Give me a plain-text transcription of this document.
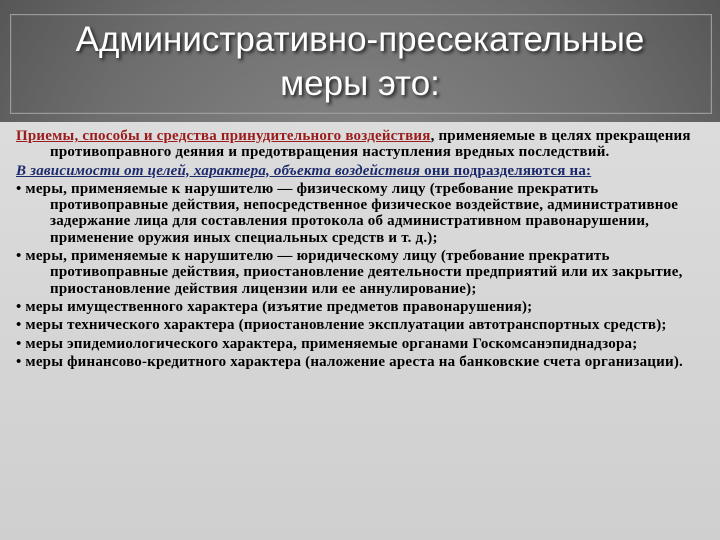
Административно-пресекательные
меры это:

Приемы, способы и средства принудительного воздействия, применяемые в целях прекращения противоправного деяния и предотвращения наступления вредных последствий.

В зависимости от целей, характера, объекта воздействия они подразделяются на:

• меры, применяемые к нарушителю — физическому лицу (требование прекратить противоправные действия, непосредственное физическое воздействие, административное задержание лица для составления протокола об административном правонарушении, применение оружия иных специальных средств и т. д.);

• меры, применяемые к нарушителю — юридическому лицу (требование прекратить противоправные действия, приостановление деятельности предприятий или их закрытие, приостановление действия лицензии или ее аннулирование);

• меры имущественного характера (изъятие предметов правонарушения);

• меры технического характера (приостановление эксплуатации автотранспортных средств);

• меры эпидемиологического характера, применяемые органами Госкомсанэпиднадзора;

• меры финансово-кредитного характера (наложение ареста на банковские счета организации).
